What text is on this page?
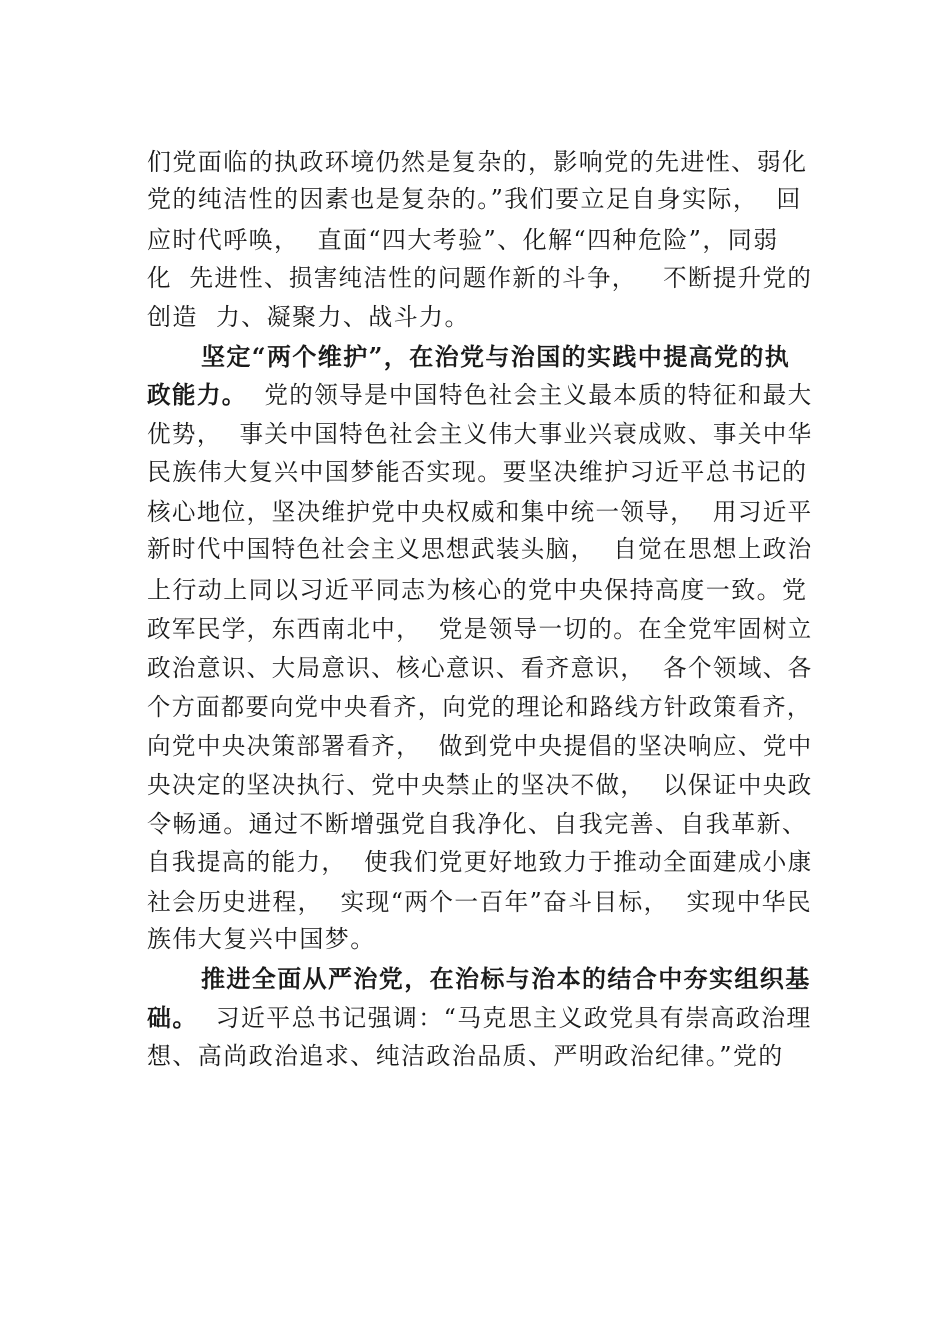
们党面临的执政环境仍然是复杂的，影响党的先进性、弱化
党的纯洁性的因素也是复杂的。”我们要立足自身实际，  回
应时代呼唤，  直面“四大考验”、化解“四种危险”，同弱
化  先进性、损害纯洁性的问题作新的斗争，   不断提升党的
创造  力、凝聚力、战斗力。
坚定“两个维护”，在治党与治国的实践中提高党的执
政能力。  党的领导是中国特色社会主义最本质的特征和最大
优势，  事关中国特色社会主义伟大事业兴衰成败、事关中华
民族伟大复兴中国梦能否实现。要坚决维护习近平总书记的
核心地位，坚决维护党中央权威和集中统一领导，  用习近平
新时代中国特色社会主义思想武装头脑，  自觉在思想上政治
上行动上同以习近平同志为核心的党中央保持高度一致。党
政军民学，东西南北中，  党是领导一切的。在全党牢固树立
政治意识、大局意识、核心意识、看齐意识，  各个领域、各
个方面都要向党中央看齐，向党的理论和路线方针政策看齐，
向党中央决策部署看齐，  做到党中央提倡的坚决响应、党中
央决定的坚决执行、党中央禁止的坚决不做，  以保证中央政
令畅通。通过不断增强党自我净化、自我完善、自我革新、
自我提高的能力，  使我们党更好地致力于推动全面建成小康
社会历史进程，  实现“两个一百年”奋斗目标，  实现中华民
族伟大复兴中国梦。
推进全面从严治党，在治标与治本的结合中夯实组织基
础。  习近平总书记强调：“马克思主义政党具有崇高政治理
想、高尚政治追求、纯洁政治品质、严明政治纪律。”党的
